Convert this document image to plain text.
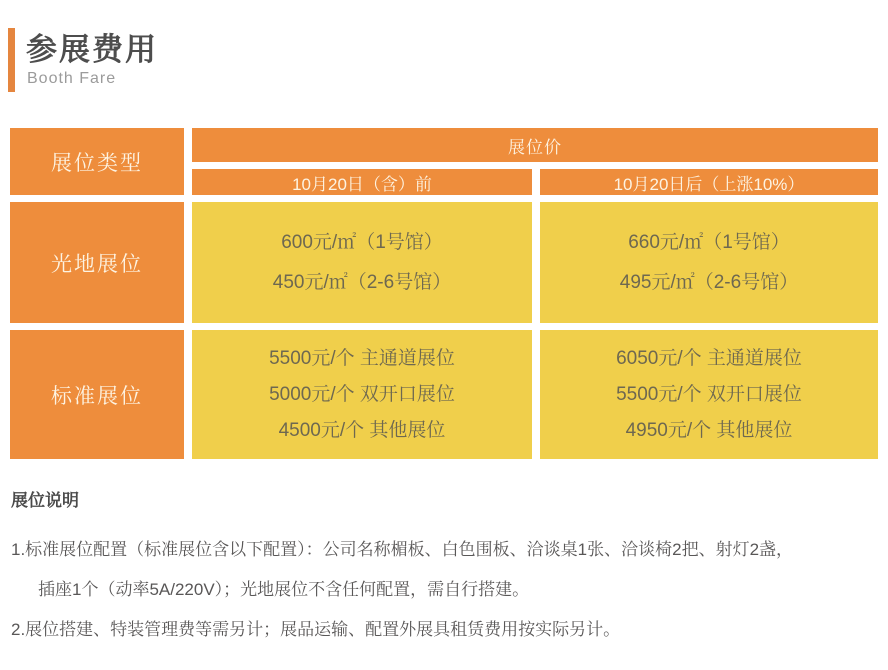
参展费用
Booth Fare
展位类型
展位价
10月20日（含）前	10月20日后（上涨10%）
光地展位
600元/㎡（1号馆）
450元/㎡（2-6号馆）
660元/㎡（1号馆）
495元/㎡（2-6号馆）
标准展位
5500元/个 主通道展位
5000元/个 双开口展位
4500元/个 其他展位
6050元/个 主通道展位
5500元/个 双开口展位
4950元/个 其他展位
展位说明
1.标准展位配置（标准展位含以下配置）：公司名称楣板、白色围板、洽谈桌1张、洽谈椅2把、射灯2盏，
插座1个（动率5A/220V）；光地展位不含任何配置，需自行搭建。
2.展位搭建、特装管理费等需另计；展品运输、配置外展具租赁费用按实际另计。
